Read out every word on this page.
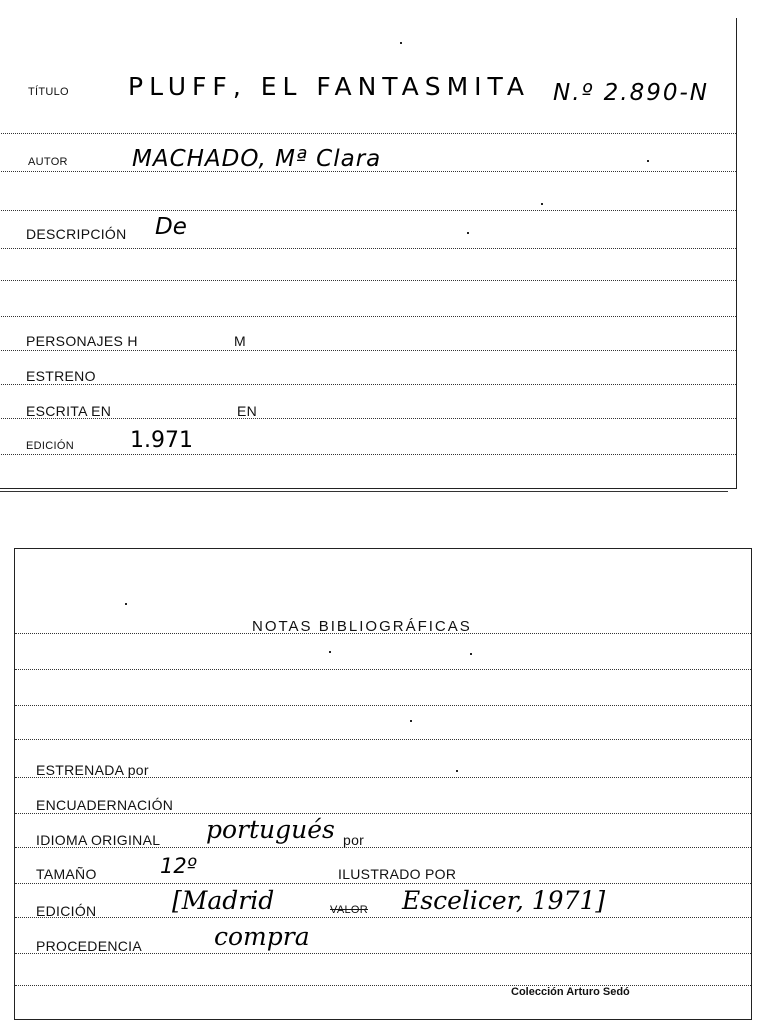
TÍTULO PLUFF, EL FANTASMITA N.º 2.890-N
AUTOR	MACHADO, Mª Clara
DESCRIPCIÓN De
PERSONAJES H	M
ESTRENO
ESCRITA EN	EN
EDICIÓN	1.971
NOTAS BIBLIOGRÁFICAS
ESTRENADA por
ENCUADERNACIÓN
IDIOMA ORIGINAL portugués por
TAMAÑO	12º	ILUSTRADO POR
EDICIÓN	[Madrid	VALOR Escelicer, 1971]
PROCEDENCIA	compra
Colección Arturo Sedó
